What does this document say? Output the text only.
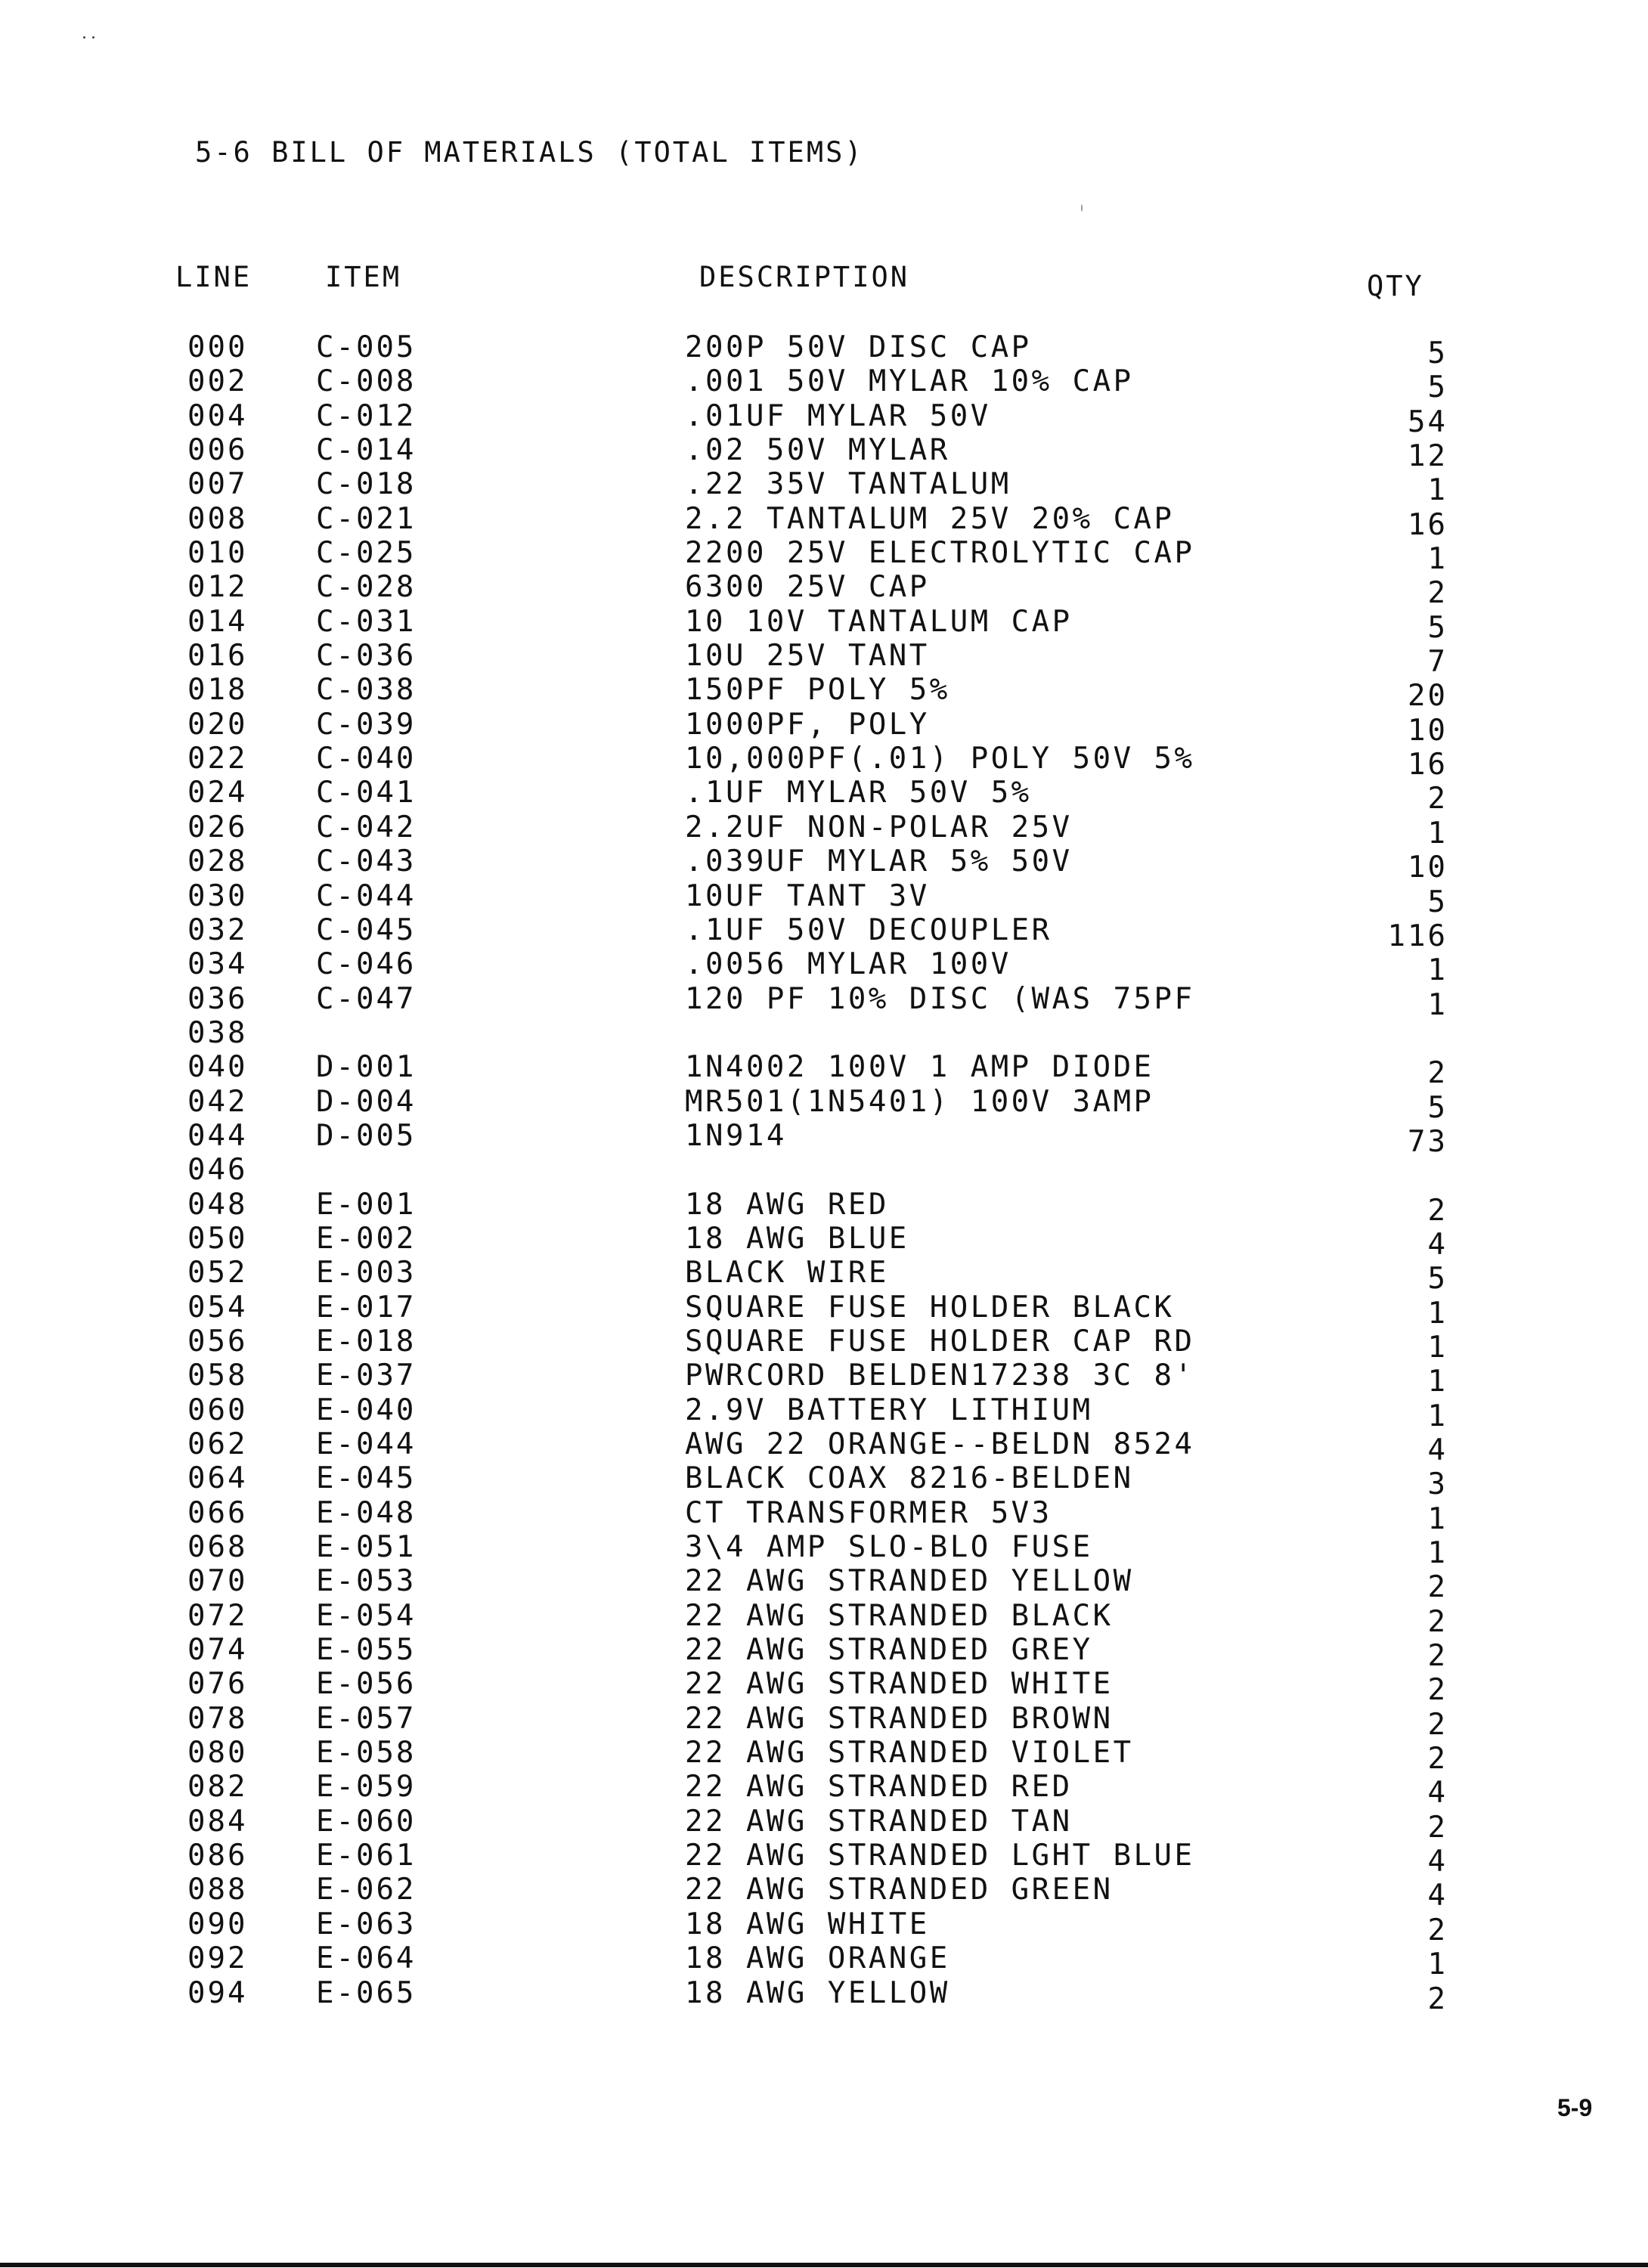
5-6 BILL OF MATERIALS (TOTAL ITEMS)
LINE	ITEM	DESCRIPTION	QTY
000 C-005	200P 50V DISC CAP	5
002 C-008	.001 50V MYLAR 10% CAP	5
004 C-012	.01UF MYLAR 50V	54
006 C-014	.02 50V MYLAR	12
007 C-018	.22 35V TANTALUM	1
008 C-021	2.2 TANTALUM 25V 20% CAP	16
010 C-025	2200 25V ELECTROLYTIC CAP	1
012 C-028	6300 25V CAP	2
014 C-031	10 10V TANTALUM CAP	5
016 C-036	10U 25V TANT	7
018 C-038	150PF POLY 5%	20
020 C-039	1000PF, POLY	10
022 C-040	10,000PF(.01) POLY 50V 5%	16
024 C-041	.1UF MYLAR 50V 5%	2
026 C-042	2.2UF NON-POLAR 25V	1
028 C-043	.039UF MYLAR 5% 50V	10
030 C-044	10UF TANT 3V	5
032 C-045	.1UF 50V DECOUPLER	116
034 C-046	.0056 MYLAR 100V	1
036 C-047	120 PF 10% DISC (WAS 75PF	1
038
040 D-001	1N4002 100V 1 AMP DIODE	2
042 D-004	MR501(1N5401) 100V 3AMP	5
044 D-005	1N914	73
046
048 E-001	18 AWG RED	2
050 E-002	18 AWG BLUE	4
052 E-003	BLACK WIRE	5
054 E-017	SQUARE FUSE HOLDER BLACK	1
056 E-018	SQUARE FUSE HOLDER CAP RD	1
058 E-037	PWRCORD BELDEN17238 3C 8'	1
060 E-040	2.9V BATTERY LITHIUM	1
062 E-044	AWG 22 ORANGE--BELDN 8524	4
064 E-045	BLACK COAX 8216-BELDEN	3
066 E-048	CT TRANSFORMER 5V3	1
068 E-051	3\4 AMP SLO-BLO FUSE	1
070 E-053	22 AWG STRANDED YELLOW	2
072 E-054	22 AWG STRANDED BLACK	2
074 E-055	22 AWG STRANDED GREY	2
076 E-056	22 AWG STRANDED WHITE	2
078 E-057	22 AWG STRANDED BROWN	2
080 E-058	22 AWG STRANDED VIOLET	2
082 E-059	22 AWG STRANDED RED	4
084 E-060	22 AWG STRANDED TAN	2
086 E-061	22 AWG STRANDED LGHT BLUE	4
088 E-062	22 AWG STRANDED GREEN	4
090 E-063	18 AWG WHITE	2
092 E-064	18 AWG ORANGE	1
094 E-065	18 AWG YELLOW	2
5-9
